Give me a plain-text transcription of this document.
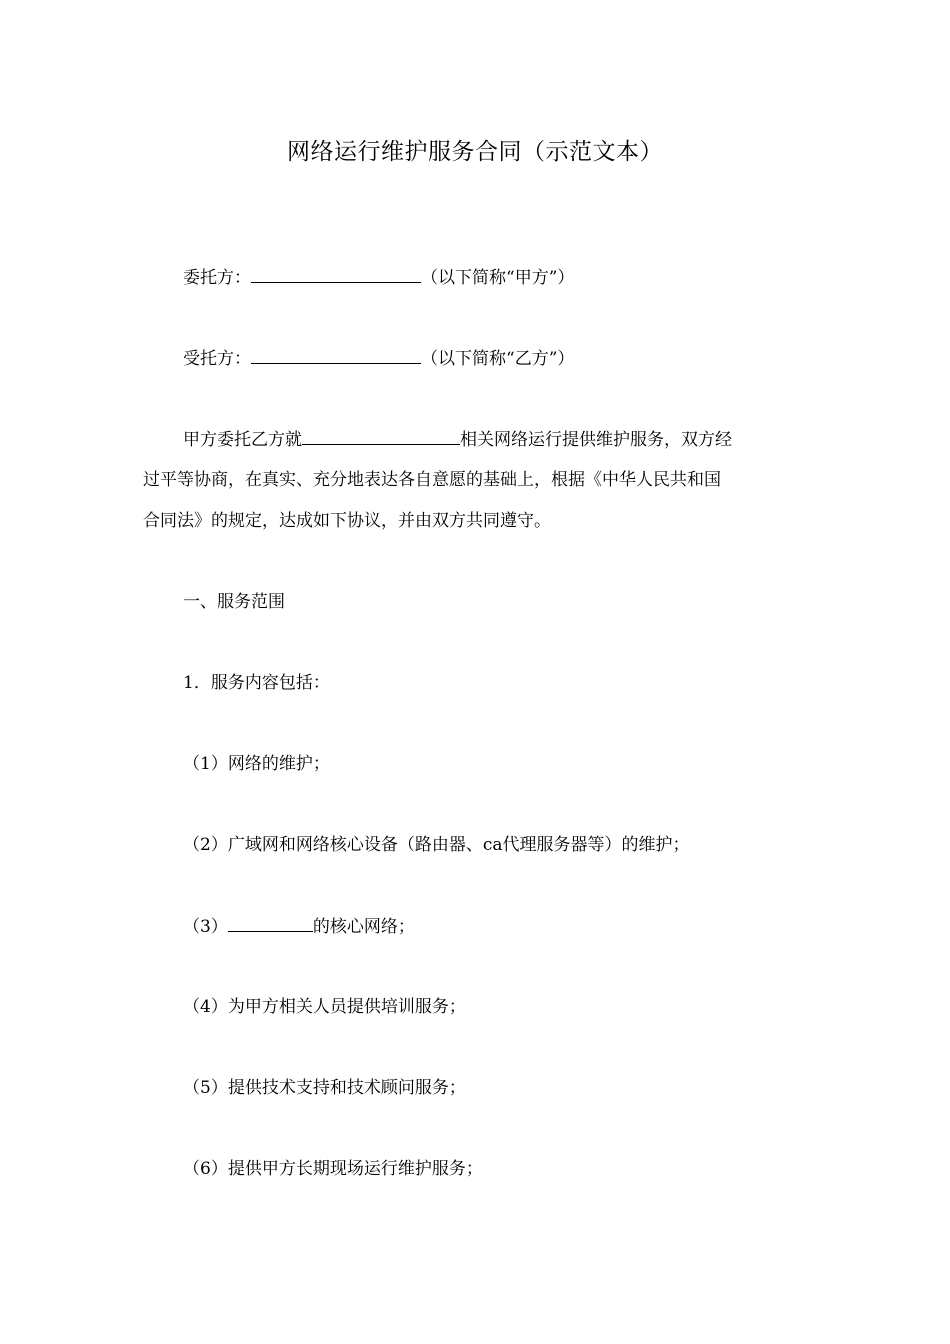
网络运行维护服务合同（示范文本）
委托方：	（以下简称“甲方”）
受托方：	（以下简称“乙方”）
甲方委托乙方就	相关网络运行提供维护服务，双方经
过平等协商，在真实、充分地表达各自意愿的基础上，根据《中华人民共和国
合同法》的规定，达成如下协议，并由双方共同遵守。
一、服务范围
1．服务内容包括：
（1）网络的维护；
（2）广域网和网络核心设备（路由器、ca代理服务器等）的维护；
（3）	的核心网络；
（4）为甲方相关人员提供培训服务；
（5）提供技术支持和技术顾问服务；
（6）提供甲方长期现场运行维护服务；
